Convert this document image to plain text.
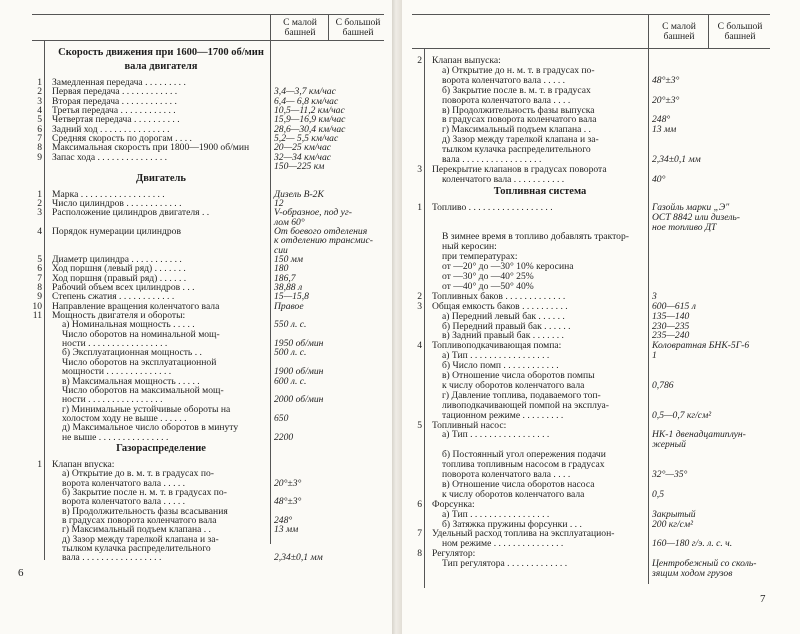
С малой башней
С большой башней
Скорость движения при 1600—1700 об/мин
вала двигателя
1 Замедленная передача . . . . . . . . .
2 Первая передача . . . . . . . . . . . .	3,4—3,7 км/час
3 Вторая передача . . . . . . . . . . . .	6,4— 6,8 км/час
4 Третья передача . . . . . . . . . . . .	10,5—11,2 км/час
5 Четвертая передача . . . . . . . . . .	15,9—16,9 км/час
6 Задний ход . . . . . . . . . . . . . . .	28,6—30,4 км/час
7 Средняя скорость по дорогам . . . .	5,2— 5,5 км/час
8 Максимальная скорость при 1800—1900 об/мин	20—25 км/час
9 Запас хода . . . . . . . . . . . . . . .	32—34 км/час
150—225 км
Двигатель
1 Марка . . . . . . . . . . . . . . . . . .	Дизель В-2К
2 Число цилиндров . . . . . . . . . . . .	12
3 Расположение цилиндров двигателя . .	V-образное, под уг-
лом 60°
4 Порядок нумерации цилиндров	От боевого отделения
к отделению трансмис-
сии
5 Диаметр цилиндра . . . . . . . . . . .	150 мм
6 Ход поршня (левый ряд) . . . . . . .	180
7 Ход поршня (правый ряд) . . . . . .	186,7
8 Рабочий объем всех цилиндров . . .	38,88 л
9 Степень сжатия . . . . . . . . . . . .	15—15,8
10 Направление вращения коленчатого вала	Правое
11 Мощность двигателя и обороты:
а) Номинальная мощность . . . . .	550 л. с.
Число оборотов на номинальной мощ-
ности . . . . . . . . . . . . . . . . .	1950 об/мин
б) Эксплуатационная мощность . .	500 л. с.
Число оборотов на эксплуатационной
мощности . . . . . . . . . . . . . .	1900 об/мин
в) Максимальная мощность . . . . .	600 л. с.
Число оборотов на максимальной мощ-
ности . . . . . . . . . . . . . . . .	2000 об/мин
г) Минимальные устойчивые обороты на
холостом ходу не выше . . . . . .	650
д) Максимальное число оборотов в минуту
не выше . . . . . . . . . . . . . . .	2200
Газораспределение
1 Клапан впуска:
а) Открытие до в. м. т. в градусах по-
ворота коленчатого вала . . . . .	20°±3°
б) Закрытие после н. м. т. в градусах по-
ворота коленчатого вала . . . . .	48°±3°
в) Продолжительность фазы всасывания
в градусах поворота коленчатого вала	248°
г) Максимальный подъем клапана . .	13 мм
д) Зазор между тарелкой клапана и за-
тылком кулачка распределительного
вала . . . . . . . . . . . . . . . . .	2,34±0,1 мм
6
С малой башней
С большой башней
2 Клапан выпуска:
а) Открытие до н. м. т. в градусах по-
ворота коленчатого вала . . . . .	48°±3°
б) Закрытие после в. м. т. в градусах
поворота коленчатого вала . . . .	20°±3°
в) Продолжительность фазы выпуска
в градусах поворота коленчатого вала	248°
г) Максимальный подъем клапана . .	13 мм
д) Зазор между тарелкой клапана и за-
тылком кулачка распределительного
вала . . . . . . . . . . . . . . . . .	2,34±0,1 мм
3 Перекрытие клапанов в градусах поворота
коленчатого вала . . . . . . . . . . .	40°
Топливная система
1 Топливо . . . . . . . . . . . . . . . . . .	Газойль марки „Э"
ОСТ 8842 или дизель-
ное топливо ДТ
В зимнее время в топливо добавлять трактор-
ный керосин:
при температурах:
от —20° до —30° 10% керосина
от —30° до —40° 25%
от —40° до —50° 40%
2 Топливных баков . . . . . . . . . . . . .	3
3 Общая емкость баков . . . . . . . . . .	600—615 л
а) Передний левый бак . . . . . .	135—140
б) Передний правый бак . . . . . .	230—235
в) Задний правый бак . . . . . . .	235—240
4 Топливоподкачивающая помпа:	Коловратная БНК-5Г-6
а) Тип . . . . . . . . . . . . . . . . .	1
б) Число помп . . . . . . . . . . . .
в) Отношение числа оборотов помпы
к числу оборотов коленчатого вала	0,786
г) Давление топлива, подаваемого топ-
ливоподкачивающей помпой на эксплуа-
тационном режиме . . . . . . . . .	0,5—0,7 кг/см²
5 Топливный насос:
а) Тип . . . . . . . . . . . . . . . . .	НК-1 двенадцатиплун-
жерный
б) Постоянный угол опережения подачи
топлива топливным насосом в градусах
поворота коленчатого вала . . . .	32°—35°
в) Отношение числа оборотов насоса
к числу оборотов коленчатого вала	0,5
6 Форсунка:
а) Тип . . . . . . . . . . . . . . . . .	Закрытый
б) Затяжка пружины форсунки . . .	200 кг/см²
7 Удельный расход топлива на эксплуатацион-
ном режиме . . . . . . . . . . . . . . .	160—180 г/э. л. с. ч.
8 Регулятор:
Тип регулятора . . . . . . . . . . . . .	Центробежный со сколь-
зящим ходом грузов
7
